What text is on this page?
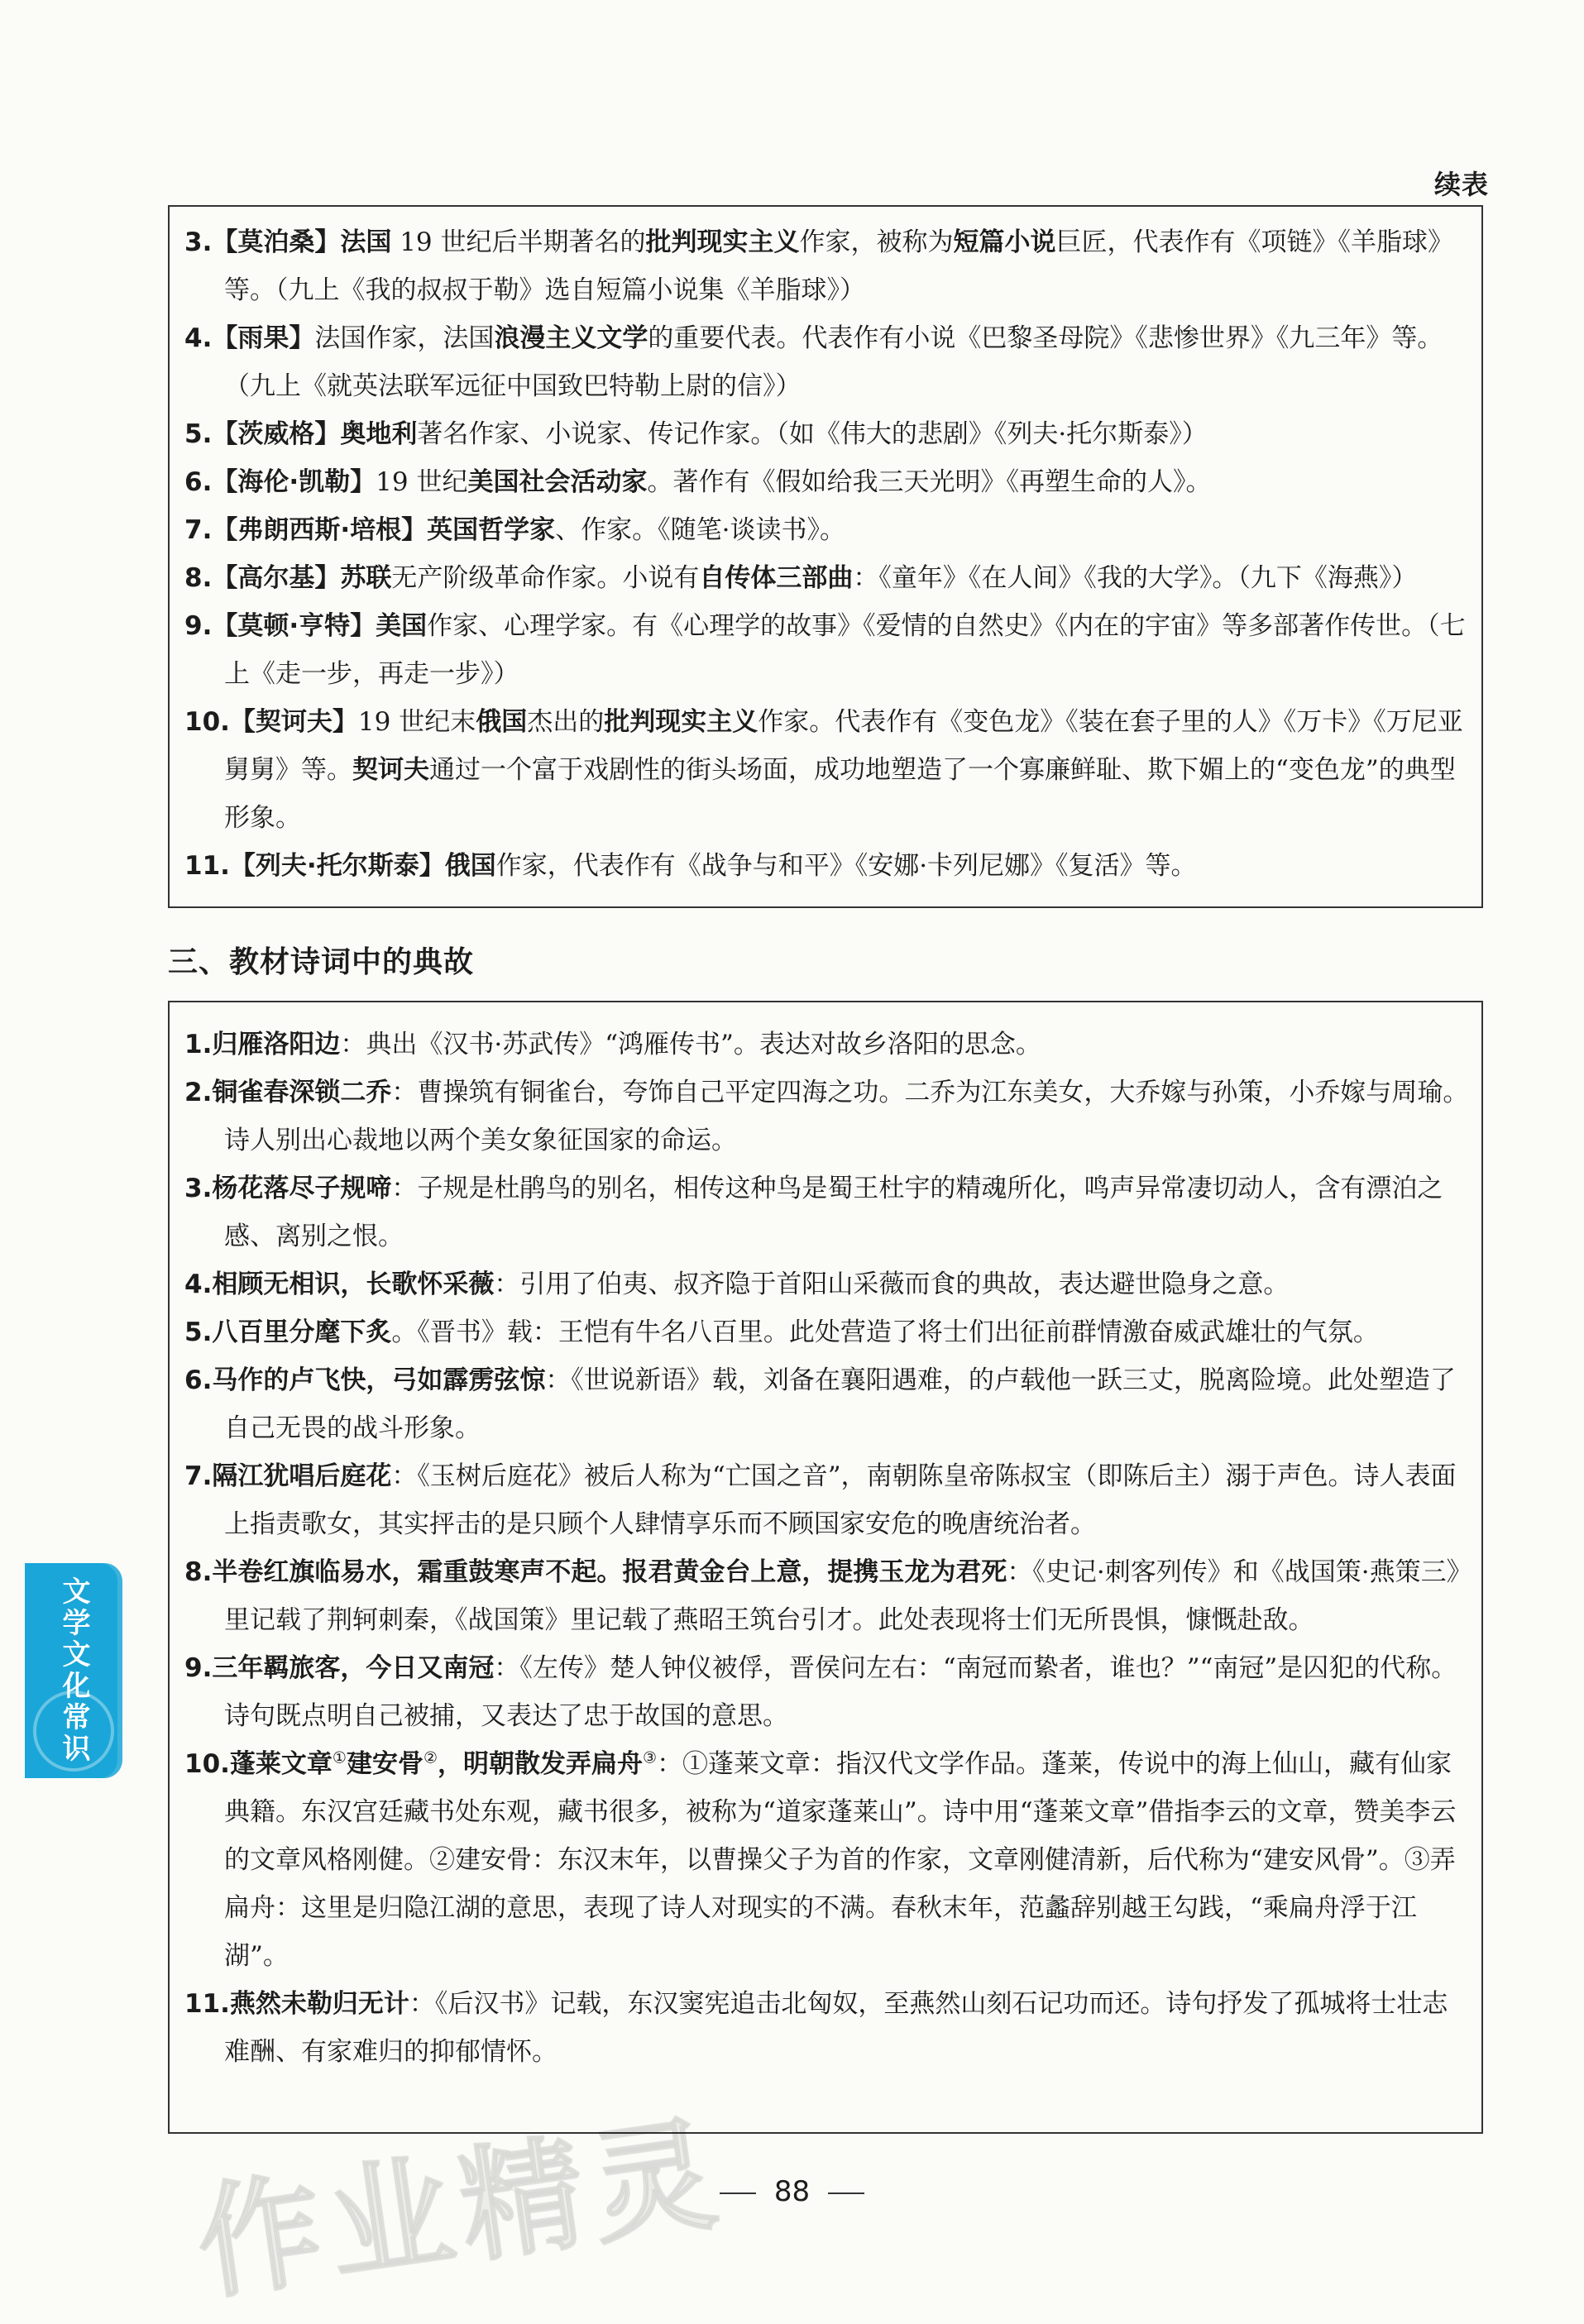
续表

3.【莫泊桑】法国 19 世纪后半期著名的批判现实主义作家，被称为短篇小说巨匠，代表作有《项链》《羊脂球》等。（九上《我的叔叔于勒》选自短篇小说集《羊脂球》）

4.【雨果】法国作家，法国浪漫主义文学的重要代表。代表作有小说《巴黎圣母院》《悲惨世界》《九三年》等。（九上《就英法联军远征中国致巴特勒上尉的信》）

5.【茨威格】奥地利著名作家、小说家、传记作家。（如《伟大的悲剧》《列夫·托尔斯泰》）

6.【海伦·凯勒】19 世纪美国社会活动家。著作有《假如给我三天光明》《再塑生命的人》。

7.【弗朗西斯·培根】英国哲学家、作家。《随笔·谈读书》。

8.【高尔基】苏联无产阶级革命作家。小说有自传体三部曲：《童年》《在人间》《我的大学》。（九下《海燕》）

9.【莫顿·亨特】美国作家、心理学家。有《心理学的故事》《爱情的自然史》《内在的宇宙》等多部著作传世。（七上《走一步，再走一步》）

10.【契诃夫】19 世纪末俄国杰出的批判现实主义作家。代表作有《变色龙》《装在套子里的人》《万卡》《万尼亚舅舅》等。契诃夫通过一个富于戏剧性的街头场面，成功地塑造了一个寡廉鲜耻、欺下媚上的“变色龙”的典型形象。

11.【列夫·托尔斯泰】俄国作家，代表作有《战争与和平》《安娜·卡列尼娜》《复活》等。

三、教材诗词中的典故

1.归雁洛阳边：典出《汉书·苏武传》“鸿雁传书”。表达对故乡洛阳的思念。

2.铜雀春深锁二乔：曹操筑有铜雀台，夸饰自己平定四海之功。二乔为江东美女，大乔嫁与孙策，小乔嫁与周瑜。诗人别出心裁地以两个美女象征国家的命运。

3.杨花落尽子规啼：子规是杜鹃鸟的别名，相传这种鸟是蜀王杜宇的精魂所化，鸣声异常凄切动人，含有漂泊之感、离别之恨。

4.相顾无相识，长歌怀采薇：引用了伯夷、叔齐隐于首阳山采薇而食的典故，表达避世隐身之意。

5.八百里分麾下炙。《晋书》载：王恺有牛名八百里。此处营造了将士们出征前群情激奋威武雄壮的气氛。

6.马作的卢飞快，弓如霹雳弦惊：《世说新语》载，刘备在襄阳遇难，的卢载他一跃三丈，脱离险境。此处塑造了自己无畏的战斗形象。

7.隔江犹唱后庭花：《玉树后庭花》被后人称为“亡国之音”，南朝陈皇帝陈叔宝（即陈后主）溺于声色。诗人表面上指责歌女，其实抨击的是只顾个人肆情享乐而不顾国家安危的晚唐统治者。

8.半卷红旗临易水，霜重鼓寒声不起。报君黄金台上意，提携玉龙为君死：《史记·刺客列传》和《战国策·燕策三》里记载了荆轲刺秦，《战国策》里记载了燕昭王筑台引才。此处表现将士们无所畏惧，慷慨赴敌。

9.三年羁旅客，今日又南冠：《左传》楚人钟仪被俘，晋侯问左右：“南冠而絷者，谁也？”“南冠”是囚犯的代称。诗句既点明自己被捕，又表达了忠于故国的意思。

10.蓬莱文章①建安骨②，明朝散发弄扁舟③：①蓬莱文章：指汉代文学作品。蓬莱，传说中的海上仙山，藏有仙家典籍。东汉宫廷藏书处东观，藏书很多，被称为“道家蓬莱山”。诗中用“蓬莱文章”借指李云的文章，赞美李云的文章风格刚健。②建安骨：东汉末年，以曹操父子为首的作家，文章刚健清新，后代称为“建安风骨”。③弄扁舟：这里是归隐江湖的意思，表现了诗人对现实的不满。春秋末年，范蠡辞别越王勾践，“乘扁舟浮于江湖”。

11.燕然未勒归无计：《后汉书》记载，东汉窦宪追击北匈奴，至燕然山刻石记功而还。诗句抒发了孤城将士壮志难酬、有家难归的抑郁情怀。

文学文化常识
作业精灵	88
